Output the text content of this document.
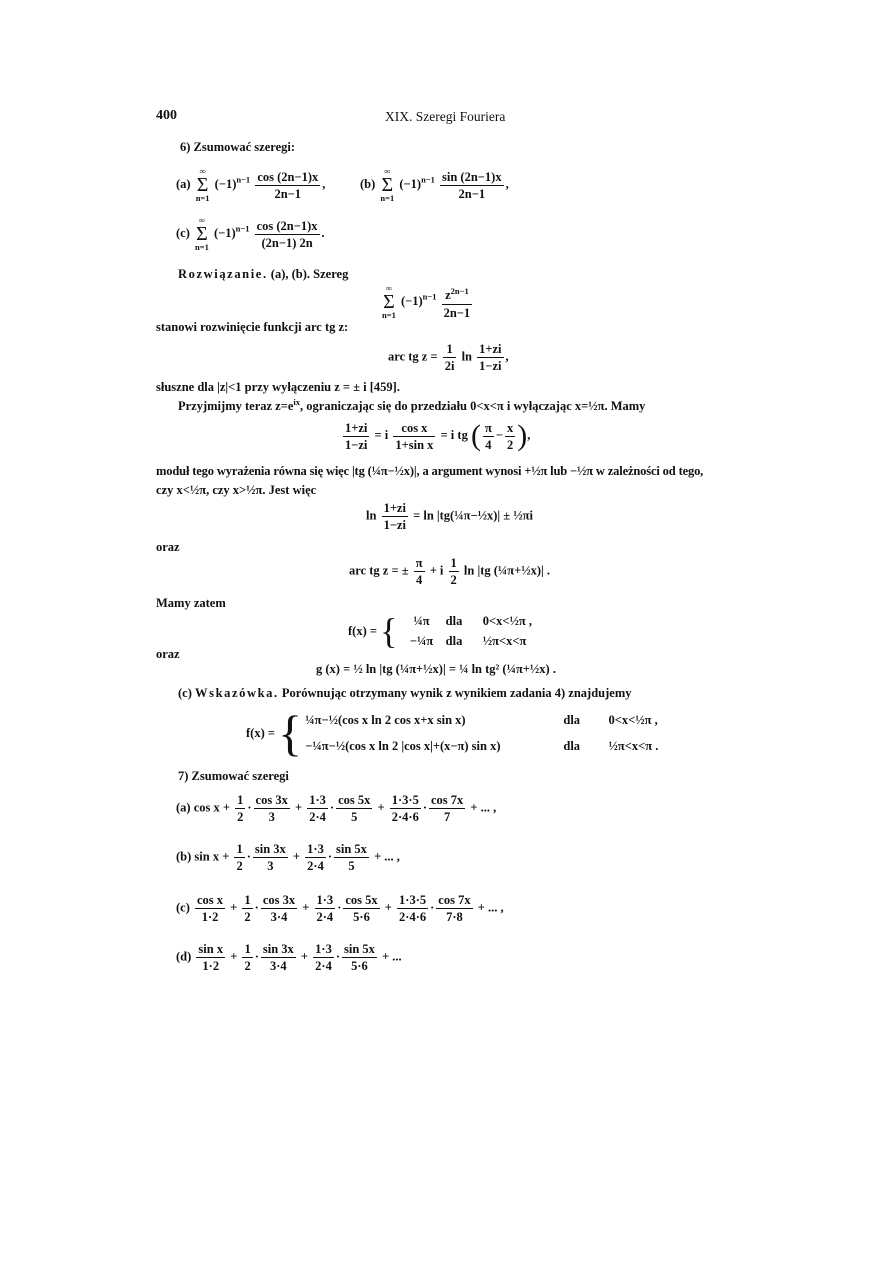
400	XIX. Szeregi Fouriera
6) Zsumować szeregi:
(a)
∞
Σ
n=1
$(-1)^{n-1} \frac{\cos (2n-1)x}{2n-1}$ ,	(b)
∞
Σ
n=1
$(-1)^{n-1} \frac{\sin (2n-1)x}{2n-1}$ ,
(c)
∞
Σ
n=1
$(-1)^{n-1} \frac{\cos (2n-1)x}{(2n-1) 2n}$ .
Rozwiązanie. (a), (b). Szereg
∞
Σ
n=1
$(-1)^{n-1} \frac{z^{2n-1}}{2n-1}$
stanowi rozwinięcie funkcji arc tg z:
arc tg $z = \frac{1}{2i}$ $\ln \frac{1+zi}{1-zi}$ ,
słuszne dla |z|<1 przy wyłączeniu z = ± i [459].
Przyjmijmy teraz $z=e^{ix}$, ograniczając się do przedziału 0<x<π i wyłączając x=½π. Mamy
$\frac{1+zi}{1-zi} = i \frac{\text{cos x}}{\text{1+sin x}} = i$ tg ( $\frac{\pi}{4} - \frac{x}{2}$ ),
moduł tego wyrażenia równa się więc |tg (¼π−½x)|, a argument wynosi +½π lub −½π w zależności od tego,
czy x<½π, czy x>½π. Jest więc
$\ln \frac{1+zi}{1-zi} = \ln$ |tg(¼π−½x)| ± ½πi
oraz
arc tg z = ± $\frac{\pi}{4} + i \frac{1}{2}$ ln |tg (¼π+½x)| .
Mamy zatem
f(x) = {	¼π dla 0<x<½π ,
−¼π dla ½π<x<π
oraz
g (x) = ½ ln |tg (¼π+½x)| = ¼ ln tg² (¼π+½x) .
(c) Wskazówka. Porównując otrzymany wynik z wynikiem zadania 4) znajdujemy
f(x) = { ¼π−½(cos x ln 2 cos x+x sin x)	dla 0<x<½π ,
−¼π−½(cos x ln 2 |cos x|+(x−π) sin x)	dla ½π<x<π .
7) Zsumować szeregi
(a) $\cos x + \frac{1}{2} \cdot \frac{\cos 3x}{3} + \frac{1\cdot 3}{2\cdot 4} \cdot \frac{\cos 5x}{5} + \frac{1\cdot 3\cdot 5}{2\cdot 4\cdot 6} \cdot \frac{\cos 7x}{7}$ + ... ,
(b) $\sin x + \frac{1}{2} \cdot \frac{\sin 3x}{3} + \frac{1\cdot 3}{2\cdot 4} \cdot \frac{\sin 5x}{5}$ + ... ,
$(c) \frac{\text{cos x}}{1\cdot 2} + \frac{1}{2} \cdot \frac{\cos 3x}{3\cdot 4} + \frac{1\cdot 3}{2\cdot 4} \cdot \frac{\cos 5x}{5\cdot 6} + \frac{1\cdot 3\cdot 5}{2\cdot 4\cdot 6} \cdot \frac{\cos 7x}{7\cdot 8}$ + ... ,
$(d) \frac{\text{sin x}}{1\cdot 2} + \frac{1}{2} \cdot \frac{\sin 3x}{3\cdot 4} + \frac{1\cdot 3}{2\cdot 4} \cdot \frac{\sin 5x}{5\cdot 6}$ + ...
